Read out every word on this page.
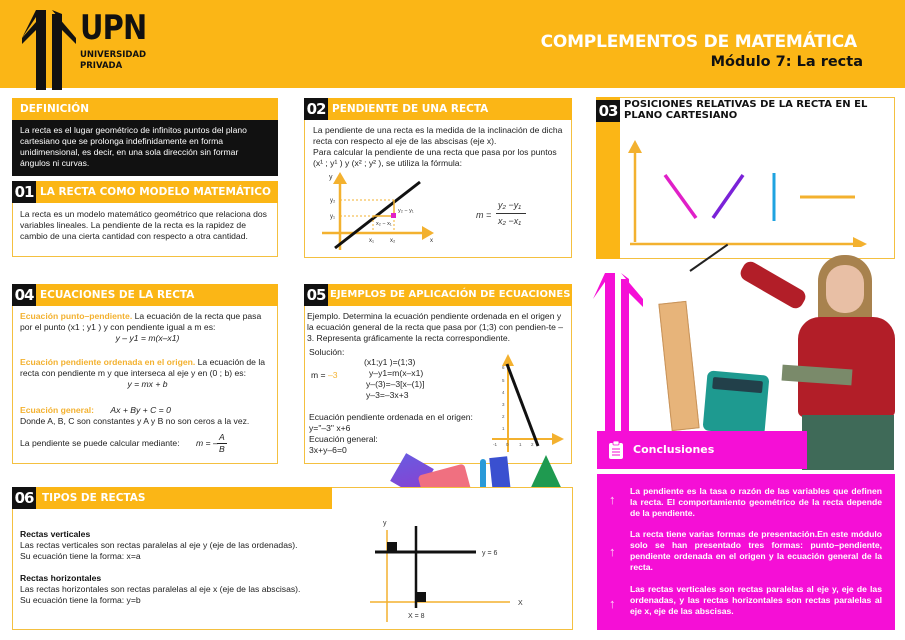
UPN
UNIVERSIDAD
PRIVADA
COMPLEMENTOS DE MATEMÁTICA
Módulo 7: La recta
DEFINICIÓN
La recta es el lugar geométrico de infinitos puntos del plano cartesiano que se prolonga indefinidamente en forma unidimensional, es decir, en una sola dirección sin formar ángulos ni curvas.
LA RECTA COMO MODELO MATEMÁTICO
01
La recta es un modelo matemático geométrico que relaciona dos variables lineales. La pendiente de la recta es la rapidez de cambio de una cierta cantidad con respecto a otra cantidad.
PENDIENTE DE UNA RECTA
02
La pendiente de una recta es la medida de la inclinación de dicha recta con respecto al eje de las abscisas (eje x).
Para calcular la pendiente de una recta que pasa por los puntos (x¹ ; y¹ ) y (x² ; y² ), se utiliza la fórmula:
y
x
y₂
y₁
x₁	x₂
y₂ − y₁
x₂ − x₁
m =
y₂ −y₁
x₂ −x₁
03 POSICIONES RELATIVAS DE LA RECTA EN EL PLANO CARTESIANO
ECUACIONES DE LA RECTA
04
Ecuación punto–pendiente. La ecuación de la recta que pasa por el punto (x1 ; y1 ) y con pendiente igual a m es:
y – y1 = m(x–x1)
Ecuación pendiente ordenada en el origen. La ecuación de la recta con pendiente m y que interseca al eje y en (0 ; b) es:
y = mx + b
Ecuación general: Ax + By + C = 0
Donde A, B, C son constantes y A y B no son ceros a la vez.
La pendiente se puede calcular mediante:	m = –
A
B
EJEMPLOS DE APLICACIÓN DE ECUACIONES
05
Ejemplo. Determina la ecuación pendiente ordenada en el origen y la ecuación general de la recta que pasa por (1;3) con pendien-te –3. Representa gráficamente la recta correspondiente.
Solución:
m = –3
(x1;y1 )=(1;3)
y–y1=m(x–x1)
y–(3)=–3[x–(1)]
y–3=–3x+3
Ecuación pendiente ordenada en el origen:
y="–3" x+6
Ecuación general:
3x+y–6=0
-1 0 1 2
1
2
3
4
5
6
TIPOS DE RECTAS
06
Rectas verticales
Las rectas verticales son rectas paralelas al eje y (eje de las ordenadas).
Su ecuación tiene la forma: x=a
Rectas horizontales
Las rectas horizontales son rectas paralelas al eje x (eje de las abscisas).
Su ecuación tiene la forma: y=b
y
X
y = 6
X = 8
Conclusiones
↑
La pendiente es la tasa o razón de las variables que definen la recta. El comportamiento geométrico de la recta depende de la pendiente.
↑
La recta tiene varias formas de presentación.En este módulo solo se han presentado tres formas: punto–pendiente, pendiente ordenada en el origen y la ecuación general de la recta.
↑
Las rectas verticales son rectas paralelas al eje y, eje de las ordenadas, y las rectas horizontales son rectas paralelas al eje x, eje de las abscisas.
